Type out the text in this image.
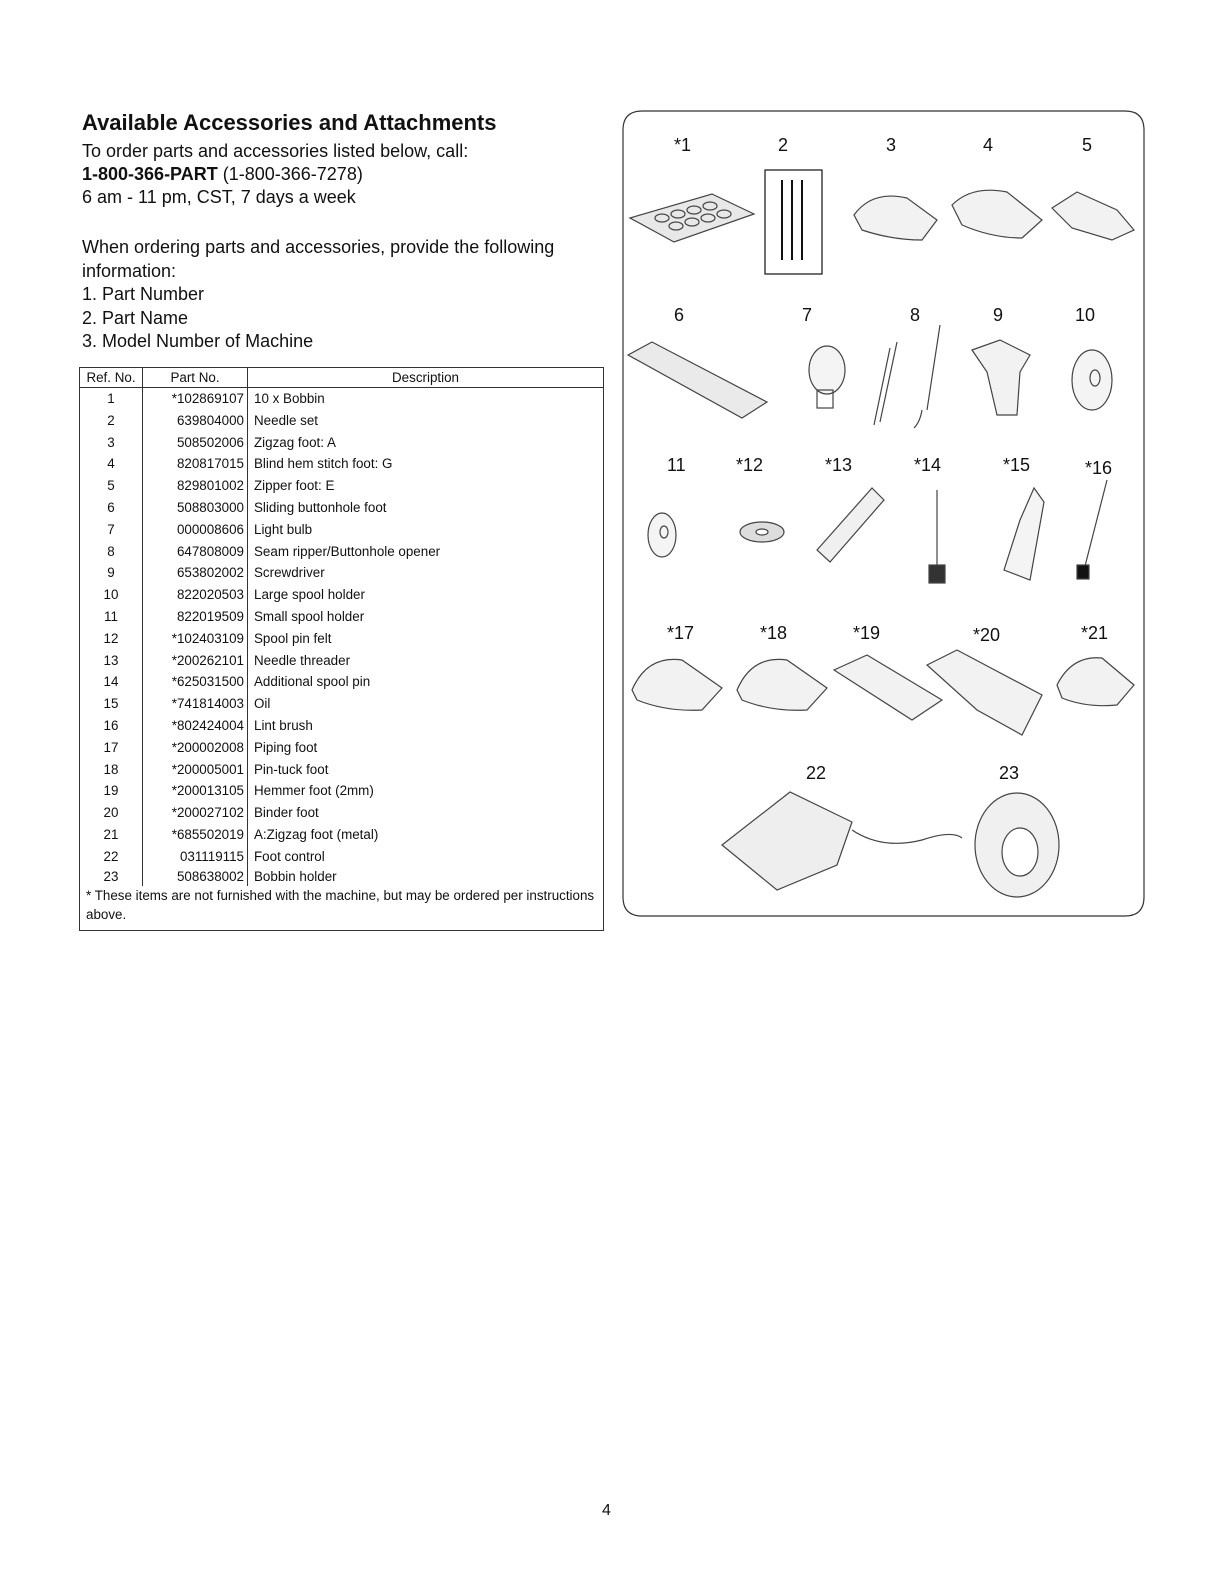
Available Accessories and Attachments
To order parts and accessories listed below, call:
1-800-366-PART (1-800-366-7278)
6 am - 11 pm, CST, 7 days a week
When ordering parts and accessories, provide the following information:
1. Part Number
2. Part Name
3. Model Number of Machine
Ref. No.	Part No.	Description
1	*102869107	10 x Bobbin
2	639804000	Needle set
3	508502006	Zigzag foot: A
4	820817015	Blind hem stitch foot: G
5	829801002	Zipper foot: E
6	508803000	Sliding buttonhole foot
7	000008606	Light bulb
8	647808009	Seam ripper/Buttonhole opener
9	653802002	Screwdriver
10	822020503	Large spool holder
11	822019509	Small spool holder
12	*102403109	Spool pin felt
13	*200262101	Needle threader
14	*625031500	Additional spool pin
15	*741814003	Oil
16	*802424004	Lint brush
17	*200002008	Piping foot
18	*200005001	Pin-tuck foot
19	*200013105	Hemmer foot (2mm)
20	*200027102	Binder foot
21	*685502019	A:Zigzag foot (metal)
22	031119115	Foot control
23	508638002	Bobbin holder
* These items are not furnished with the machine, but may be ordered per instructions above.		
*1	2	3	4	5
6	7	8	9	10
11	*12	*13	*14	*15	*16
*17	*18	*19	*20	*21
22	23
4
